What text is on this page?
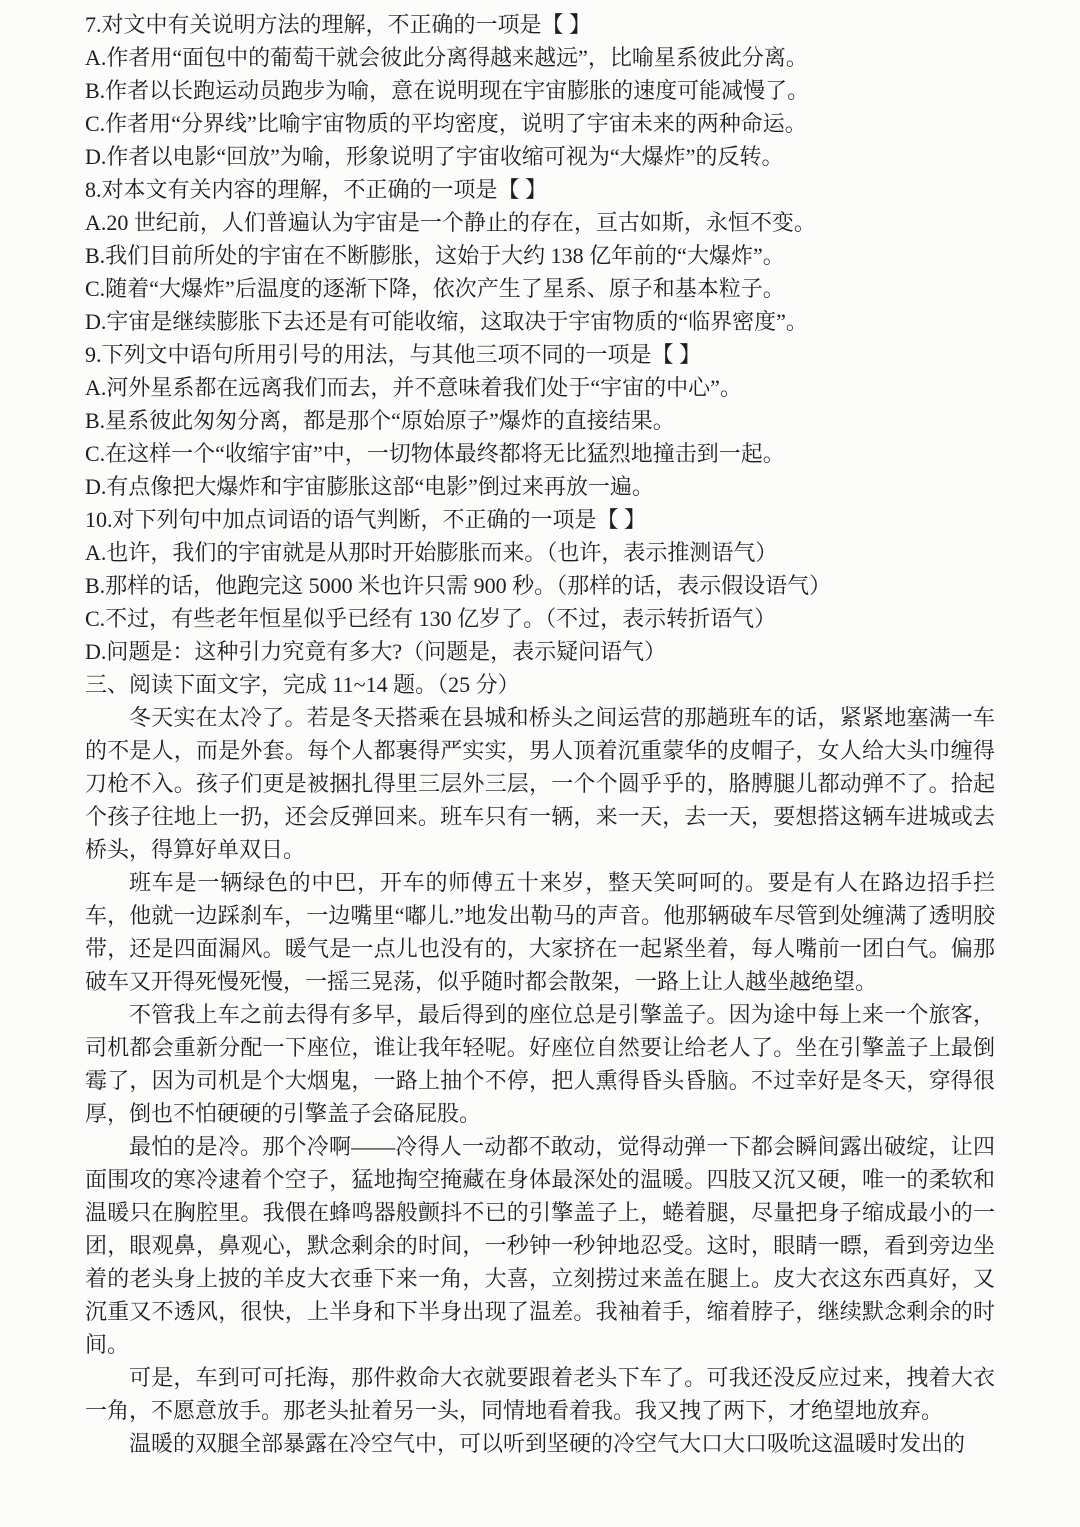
7.对文中有关说明方法的理解，不正确的一项是【 】

A.作者用“面包中的葡萄干就会彼此分离得越来越远”，比喻星系彼此分离。

B.作者以长跑运动员跑步为喻，意在说明现在宇宙膨胀的速度可能减慢了。

C.作者用“分界线”比喻宇宙物质的平均密度，说明了宇宙未来的两种命运。

D.作者以电影“回放”为喻，形象说明了宇宙收缩可视为“大爆炸”的反转。

8.对本文有关内容的理解，不正确的一项是【 】

A.20 世纪前，人们普遍认为宇宙是一个静止的存在，亘古如斯，永恒不变。

B.我们目前所处的宇宙在不断膨胀，这始于大约 138 亿年前的“大爆炸”。

C.随着“大爆炸”后温度的逐渐下降，依次产生了星系、原子和基本粒子。

D.宇宙是继续膨胀下去还是有可能收缩，这取决于宇宙物质的“临界密度”。

9.下列文中语句所用引号的用法，与其他三项不同的一项是【 】

A.河外星系都在远离我们而去，并不意味着我们处于“宇宙的中心”。

B.星系彼此匆匆分离，都是那个“原始原子”爆炸的直接结果。

C.在这样一个“收缩宇宙”中，一切物体最终都将无比猛烈地撞击到一起。

D.有点像把大爆炸和宇宙膨胀这部“电影”倒过来再放一遍。

10.对下列句中加点词语的语气判断，不正确的一项是【 】

A.也许，我们的宇宙就是从那时开始膨胀而来。（也许，表示推测语气）

B.那样的话，他跑完这 5000 米也许只需 900 秒。（那样的话，表示假设语气）

C.不过，有些老年恒星似乎已经有 130 亿岁了。（不过，表示转折语气）

D.问题是：这种引力究竟有多大?（问题是，表示疑问语气）

三、阅读下面文字，完成 11~14 题。（25 分）

冬天实在太冷了。若是冬天搭乘在县城和桥头之间运营的那趟班车的话，紧紧地塞满一车的不是人，而是外套。每个人都裹得严实实，男人顶着沉重蒙华的皮帽子，女人给大头巾缠得刀枪不入。孩子们更是被捆扎得里三层外三层，一个个圆乎乎的，胳膊腿儿都动弹不了。拾起个孩子往地上一扔，还会反弹回来。班车只有一辆，来一天，去一天，要想搭这辆车进城或去桥头，得算好单双日。

班车是一辆绿色的中巴，开车的师傅五十来岁，整天笑呵呵的。要是有人在路边招手拦车，他就一边踩刹车，一边嘴里“嘟儿.”地发出勒马的声音。他那辆破车尽管到处缠满了透明胶带，还是四面漏风。暖气是一点儿也没有的，大家挤在一起紧坐着，每人嘴前一团白气。偏那破车又开得死慢死慢，一摇三晃荡，似乎随时都会散架，一路上让人越坐越绝望。

不管我上车之前去得有多早，最后得到的座位总是引擎盖子。因为途中每上来一个旅客，司机都会重新分配一下座位，谁让我年轻呢。好座位自然要让给老人了。坐在引擎盖子上最倒霉了，因为司机是个大烟鬼，一路上抽个不停，把人熏得昏头昏脑。不过幸好是冬天，穿得很厚，倒也不怕硬硬的引擎盖子会硌屁股。

最怕的是冷。那个冷啊——冷得人一动都不敢动，觉得动弹一下都会瞬间露出破绽，让四面围攻的寒冷逮着个空子，猛地掏空掩藏在身体最深处的温暖。四肢又沉又硬，唯一的柔软和温暖只在胸腔里。我偎在蜂鸣器般颤抖不已的引擎盖子上，蜷着腿，尽量把身子缩成最小的一团，眼观鼻，鼻观心，默念剩余的时间，一秒钟一秒钟地忍受。这时，眼睛一瞟，看到旁边坐着的老头身上披的羊皮大衣垂下来一角，大喜，立刻捞过来盖在腿上。皮大衣这东西真好，又沉重又不透风，很快，上半身和下半身出现了温差。我袖着手，缩着脖子，继续默念剩余的时间。

可是，车到可可托海，那件救命大衣就要跟着老头下车了。可我还没反应过来，拽着大衣一角，不愿意放手。那老头扯着另一头，同情地看着我。我又拽了两下，才绝望地放弃。

温暖的双腿全部暴露在冷空气中，可以听到坚硬的冷空气大口大口吸吮这温暖时发出的
